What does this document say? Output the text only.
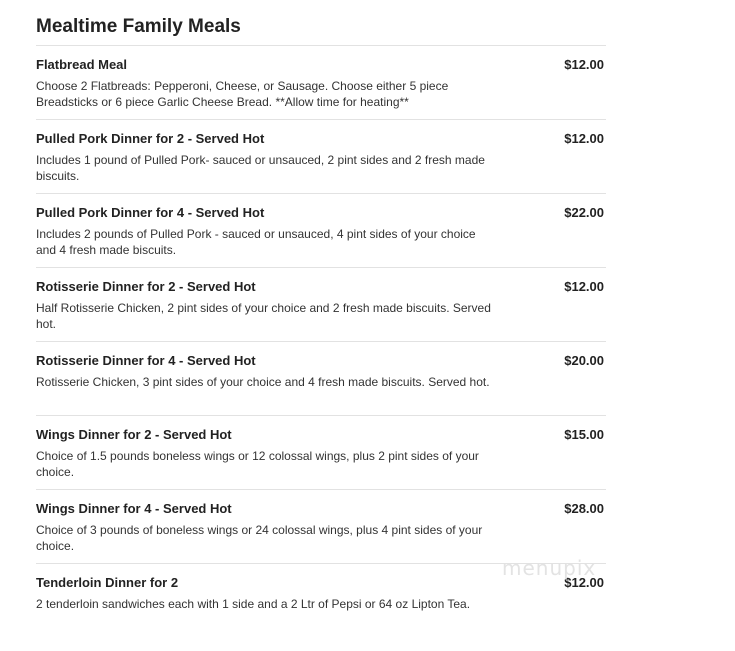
Mealtime Family Meals
Flatbread Meal	$12.00
Choose 2 Flatbreads: Pepperoni, Cheese, or Sausage. Choose either 5 piece Breadsticks or 6 piece Garlic Cheese Bread. **Allow time for heating**
Pulled Pork Dinner for 2 - Served Hot	$12.00
Includes 1 pound of Pulled Pork- sauced or unsauced, 2 pint sides and 2 fresh made biscuits.
Pulled Pork Dinner for 4 - Served Hot	$22.00
Includes 2 pounds of Pulled Pork - sauced or unsauced, 4 pint sides of your choice and 4 fresh made biscuits.
Rotisserie Dinner for 2 - Served Hot	$12.00
Half Rotisserie Chicken, 2 pint sides of your choice and 2 fresh made biscuits. Served hot.
Rotisserie Dinner for 4 - Served Hot	$20.00
Rotisserie Chicken, 3 pint sides of your choice and 4 fresh made biscuits. Served hot.
Wings Dinner for 2 - Served Hot	$15.00
Choice of 1.5 pounds boneless wings or 12 colossal wings, plus 2 pint sides of your choice.
Wings Dinner for 4 - Served Hot	$28.00
Choice of 3 pounds of boneless wings or 24 colossal wings, plus 4 pint sides of your choice.
Tenderloin Dinner for 2	$12.00
2 tenderloin sandwiches each with 1 side and a 2 Ltr of Pepsi or 64 oz Lipton Tea.
menupix
